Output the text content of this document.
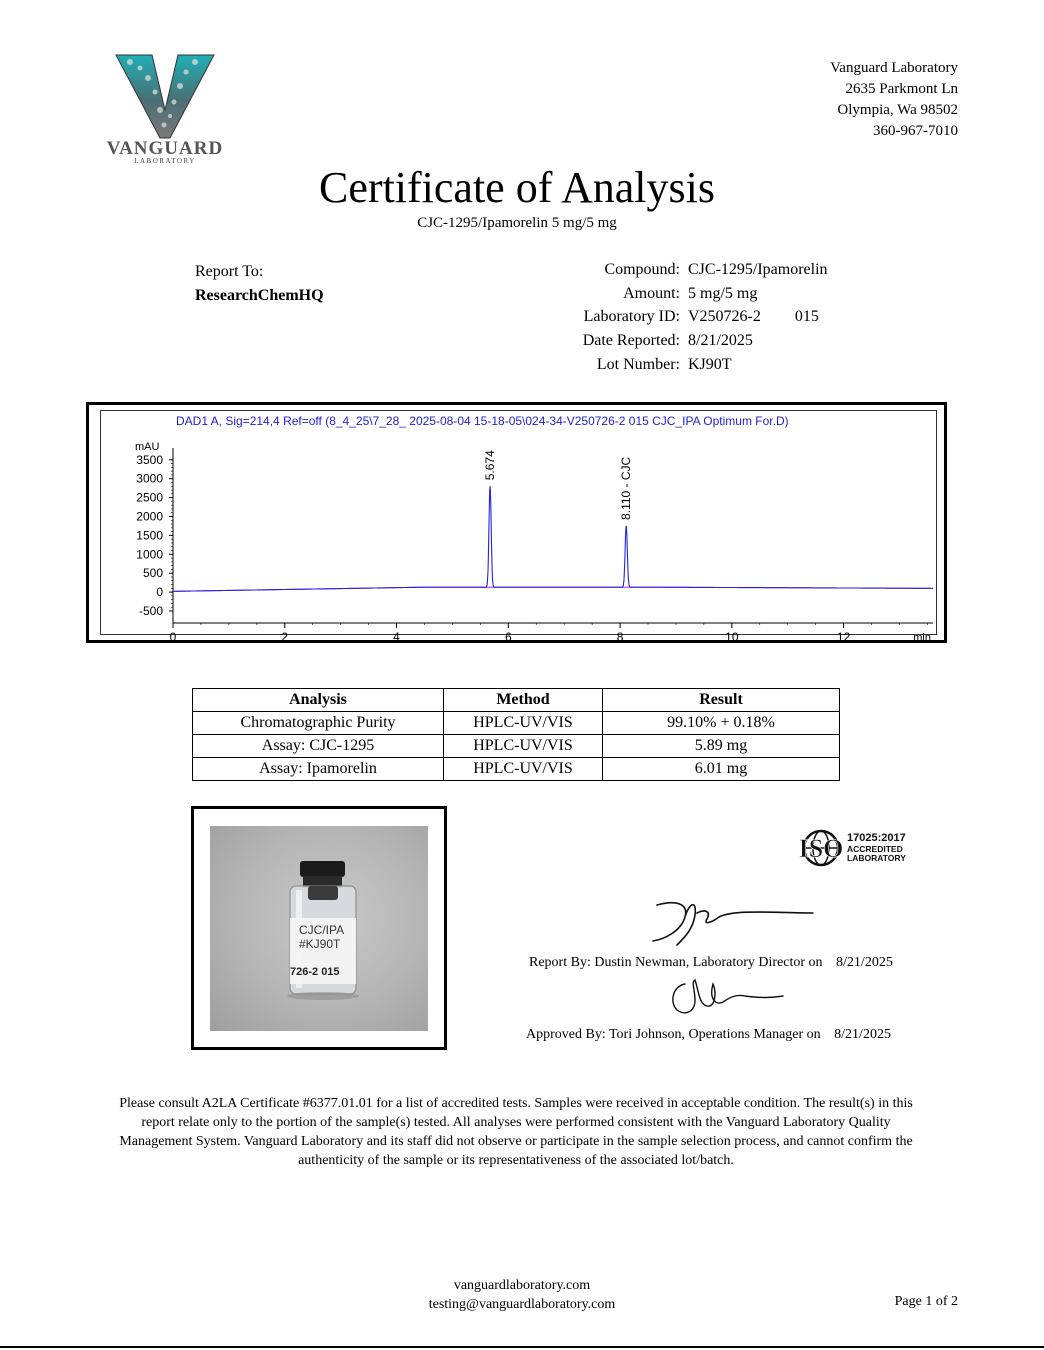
VANGUARD
LABORATORY
Vanguard Laboratory
2635 Parkmont Ln
Olympia, Wa 98502
360-967-7010
Certificate of Analysis
CJC-1295/Ipamorelin 5 mg/5 mg
Report To:
ResearchChemHQ
Compound: CJC-1295/Ipamorelin
Amount: 5 mg/5 mg
Laboratory ID: V250726-2 015
Date Reported: 8/21/2025
Lot Number: KJ90T
DAD1 A, Sig=214,4 Ref=off (8_4_25\7_28_ 2025-08-04 15-18-05\024-34-V250726-2 015 CJC_IPA Optimum For.D)
3500
3000
2500
2000
1500
1000
500
0
-500
mAU
0	2	4	6	8	10	12	min
5.674	8.110 - CJC
Analysis	Method	Result
Chromatographic Purity	HPLC-UV/VIS	99.10% + 0.18%
Assay: CJC-1295	HPLC-UV/VIS	5.89 mg
Assay: Ipamorelin	HPLC-UV/VIS	6.01 mg
CJC/IPA
#KJ90T
726-2 015
ISO 17025:2017
ACCREDITED
LABORATORY
Report By: Dustin Newman, Laboratory Director on 8/21/2025
Approved By: Tori Johnson, Operations Manager on 8/21/2025
Please consult A2LA Certificate #6377.01.01 for a list of accredited tests. Samples were received in acceptable condition. The result(s) in this
report relate only to the portion of the sample(s) tested. All analyses were performed consistent with the Vanguard Laboratory Quality
Management System. Vanguard Laboratory and its staff did not observe or participate in the sample selection process, and cannot confirm the
authenticity of the sample or its representativeness of the associated lot/batch.
vanguardlaboratory.com
testing@vanguardlaboratory.com	Page 1 of 2
